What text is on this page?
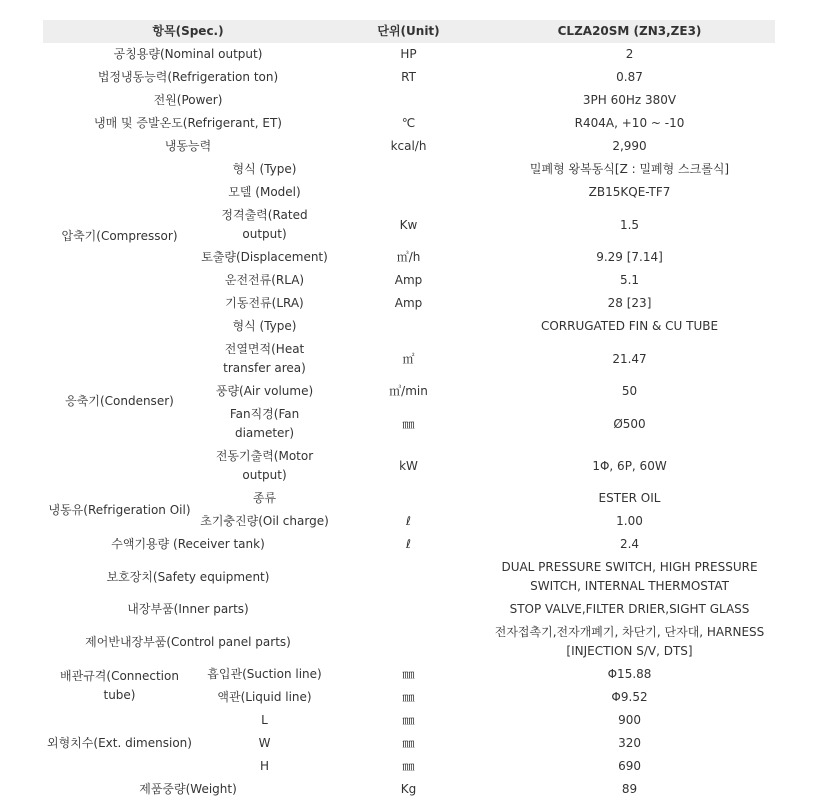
항목(Spec.)		단위(Unit)	CLZA20SM (ZN3,ZE3)
공칭용량(Nominal output)		HP	2
법정냉동능력(Refrigeration ton)		RT	0.87
전원(Power)			3PH 60Hz 380V
냉매 및 증발온도(Refrigerant, ET)		℃	R404A, +10 ~ -10
냉동능력		kcal/h	2,990
압축기(Compressor)	형식 (Type)		밀폐형 왕복동식[Z : 밀폐형 스크롤식]
	모델 (Model)		ZB15KQE-TF7
	정격출력(Rated output)	Kw	1.5
	토출량(Displacement)	㎥/h	9.29 [7.14]
	운전전류(RLA)	Amp	5.1
	기동전류(LRA)	Amp	28 [23]
응축기(Condenser)	형식 (Type)		CORRUGATED FIN & CU TUBE
	전열면적(Heat transfer area)	㎡	21.47
	풍량(Air volume)	㎥/min	50
	Fan직경(Fan diameter)	㎜	Ø500
	전동기출력(Motor output)	kW	1Φ, 6P, 60W
냉동유(Refrigeration Oil)	종류		ESTER OIL
	초기충진량(Oil charge)	ℓ	1.00
수액기용량 (Receiver tank)		ℓ	2.4
보호장치(Safety equipment)			DUAL PRESSURE SWITCH, HIGH PRESSURE SWITCH, INTERNAL THERMOSTAT
내장부품(Inner parts)			STOP VALVE,FILTER DRIER,SIGHT GLASS
제어반내장부품(Control panel parts)			전자접촉기,전자개폐기, 차단기, 단자대, HARNESS [INJECTION S/V, DTS]
배관규격(Connection tube)	흡입관(Suction line)	㎜	Φ15.88
	액관(Liquid line)	㎜	Φ9.52
외형치수(Ext. dimension)	L	㎜	900
	W	㎜	320
	H	㎜	690
제품중량(Weight)		Kg	89
